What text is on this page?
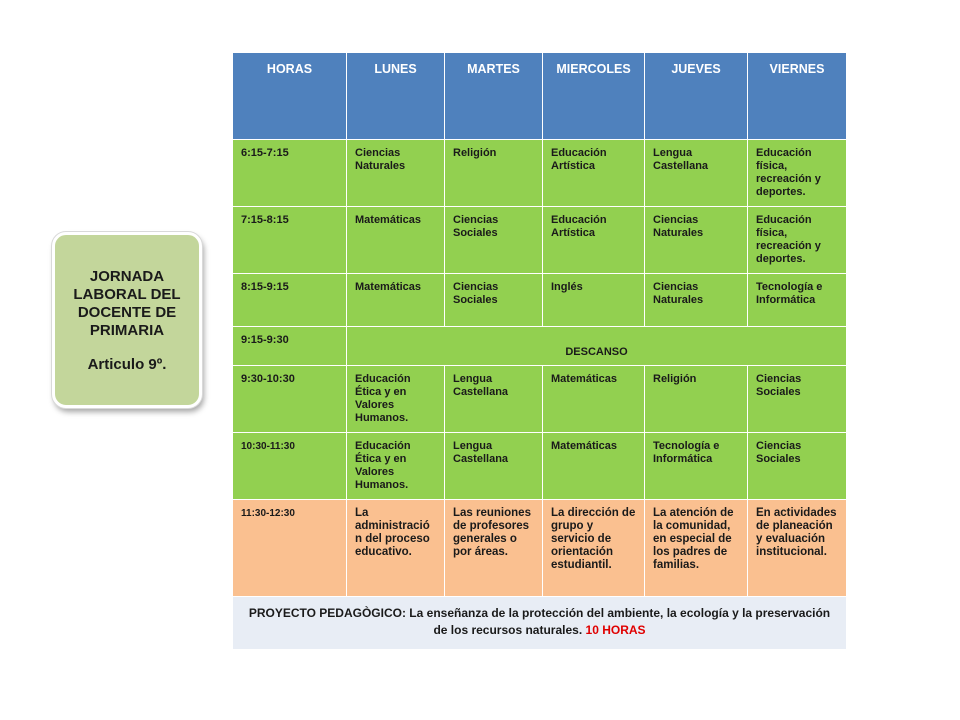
JORNADA LABORAL DEL DOCENTE DE PRIMARIA
Articulo 9º.
HORAS	LUNES	MARTES	MIERCOLES	JUEVES	VIERNES
6:15-7:15	Ciencias Naturales	Religión	Educación Artística	Lengua Castellana	Educación física, recreación y deportes.
7:15-8:15	Matemáticas	Ciencias Sociales	Educación Artística	Ciencias Naturales	Educación física, recreación y deportes.
8:15-9:15	Matemáticas	Ciencias Sociales	Inglés	Ciencias Naturales	Tecnología e Informática
9:15-9:30	DESCANSO				
9:30-10:30	Educación Ética y en Valores Humanos.	Lengua Castellana	Matemáticas	Religión	Ciencias Sociales
10:30-11:30	Educación Ética y en Valores Humanos.	Lengua Castellana	Matemáticas	Tecnología e Informática	Ciencias Sociales
11:30-12:30	La administració n del proceso educativo.	Las reuniones de profesores generales o por áreas.	La dirección de grupo y servicio de orientación estudiantil.	La atención de la comunidad, en especial de los padres de familias.	En actividades de planeación y evaluación institucional.
PROYECTO PEDAGÒGICO: La enseñanza de la protección del ambiente, la ecología y la preservación de los recursos naturales. 10 HORAS					
